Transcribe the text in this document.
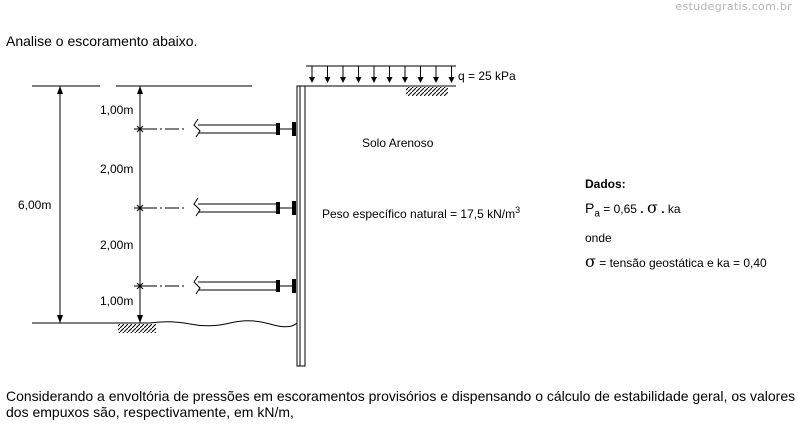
estudegratis.com.br
Analise o escoramento abaixo.
q = 25 kPa
6,00m
1,00m
2,00m
2,00m
1,00m
Solo Arenoso
Peso específico natural = 17,5 $kN/m^3$
Dados:
$P_a = 0,65$ . σ . ka
onde
σ = tensão geostática e ka = 0,40
Considerando a envoltória de pressões em escoramentos provisórios e dispensando o cálculo de estabilidade geral, os valores dos empuxos são, respectivamente, em kN/m,
